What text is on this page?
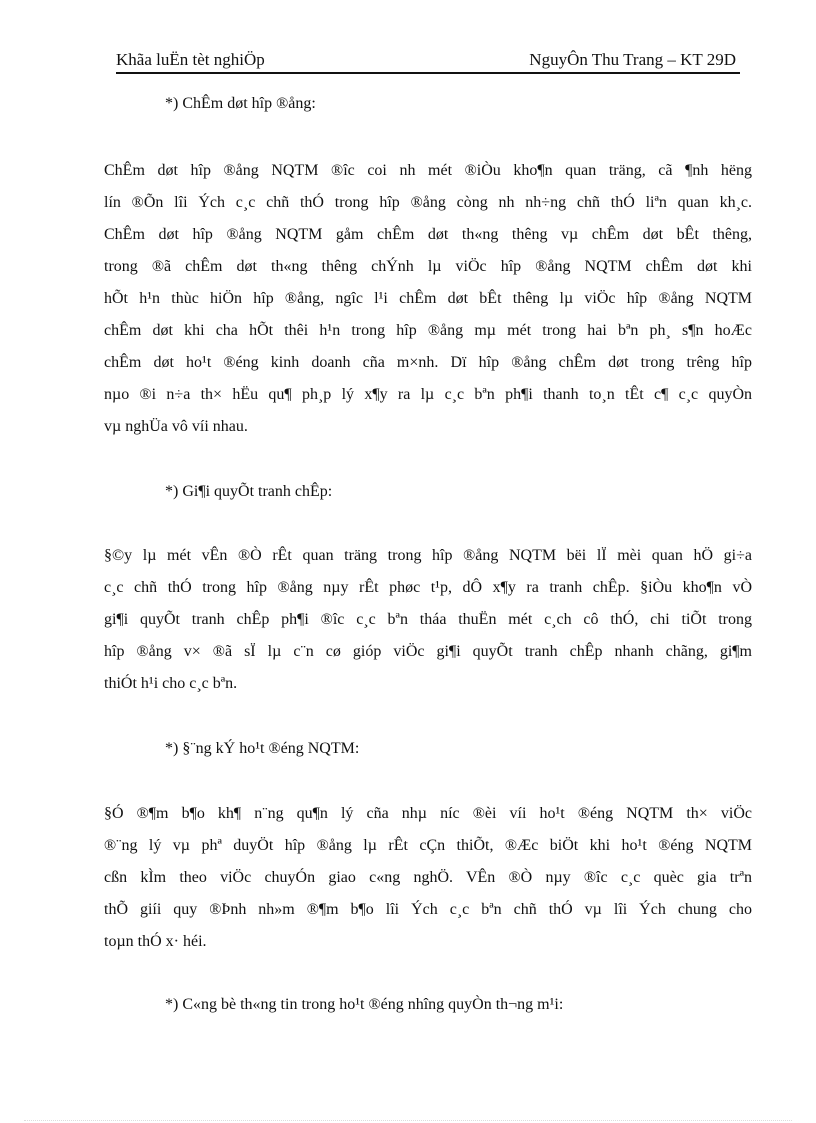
Khãa luËn tèt nghiÖp	NguyÔn Thu Trang – KT 29D
*) ChÊm døt hîp ®ång:
ChÊm døt hîp ®ång NQTM ®îc coi nh mét ®iÒu kho¶n quan träng, cã ¶nh hëng
lín ®Õn lîi Ých c¸c chñ thÓ trong hîp ®ång còng nh nh÷ng chñ thÓ liªn quan kh¸c.
ChÊm døt hîp ®ång NQTM gåm chÊm døt th«ng thêng vµ chÊm døt bÊt thêng,
trong ®ã chÊm døt th«ng thêng chÝnh lµ viÖc hîp ®ång NQTM chÊm døt khi
hÕt h¹n thùc hiÖn hîp ®ång, ngîc l¹i chÊm døt bÊt thêng lµ viÖc hîp ®ång NQTM
chÊm døt khi cha hÕt thêi h¹n trong hîp ®ång mµ mét trong hai bªn ph¸ s¶n hoÆc
chÊm døt ho¹t ®éng kinh doanh cña m×nh. Dï hîp ®ång chÊm døt trong trêng hîp
nµo ®i n÷a th× hËu qu¶ ph¸p lý x¶y ra lµ c¸c bªn ph¶i thanh to¸n tÊt c¶ c¸c quyÒn
vµ nghÜa vô víi nhau.
*) Gi¶i quyÕt tranh chÊp:
§©y lµ mét vÊn ®Ò rÊt quan träng trong hîp ®ång NQTM bëi lÏ mèi quan hÖ gi÷a
c¸c chñ thÓ trong hîp ®ång nµy rÊt phøc t¹p, dÔ x¶y ra tranh chÊp. §iÒu kho¶n vÒ
gi¶i quyÕt tranh chÊp ph¶i ®îc c¸c bªn tháa thuËn mét c¸ch cô thÓ, chi tiÕt trong
hîp ®ång v× ®ã sÏ lµ c¨n cø gióp viÖc gi¶i quyÕt tranh chÊp nhanh chãng, gi¶m
thiÓt h¹i cho c¸c bªn.
*) §¨ng kÝ ho¹t ®éng NQTM:
§Ó ®¶m b¶o kh¶ n¨ng qu¶n lý cña nhµ níc ®èi víi ho¹t ®éng NQTM th× viÖc
®¨ng lý vµ phª duyÖt hîp ®ång lµ rÊt cÇn thiÕt, ®Æc biÖt khi ho¹t ®éng NQTM
cßn kÌm theo viÖc chuyÓn giao c«ng nghÖ. VÊn ®Ò nµy ®îc c¸c quèc gia trªn
thÕ giíi quy ®Þnh nh»m ®¶m b¶o lîi Ých c¸c bªn chñ thÓ vµ lîi Ých chung cho
toµn thÓ x· héi.
*) C«ng bè th«ng tin trong ho¹t ®éng nhîng quyÒn th¬ng m¹i:
